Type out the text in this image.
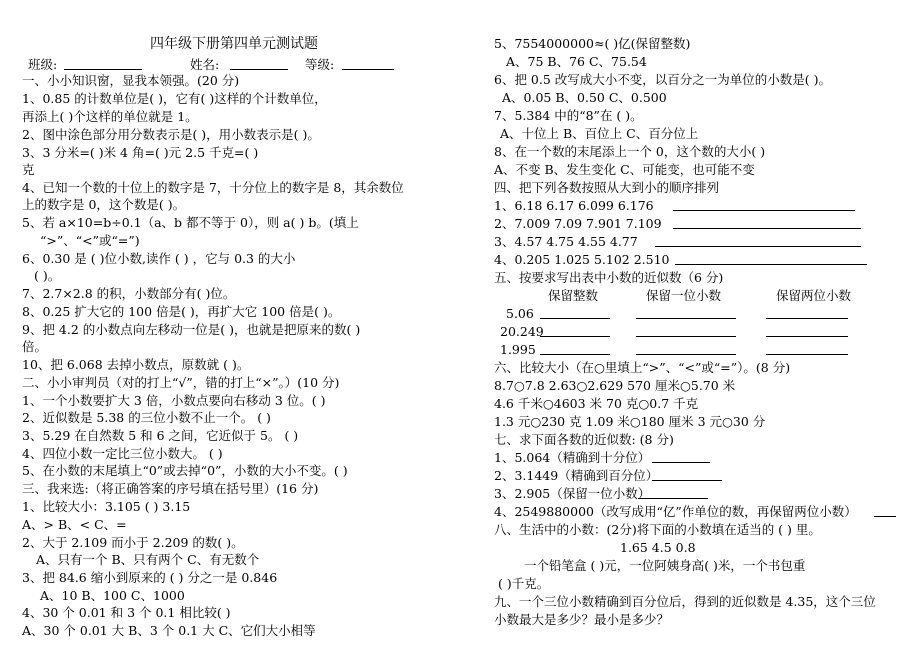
四年级下册第四单元测试题
班级:	姓名:	等级:
一、小小知识窗，显我本领强。(20 分)
1、0.85 的计数单位是( )，它有( )这样的个计数单位，
再添上( )个这样的单位就是 1。
2、图中涂色部分用分数表示是( )，用小数表示是( )。
3、3 分米=( )米 4 角=( )元 2.5 千克=( )
克
4、已知一个数的十位上的数字是 7，十分位上的数字是 8，其余数位
上的数字是 0，这个数是( )。
5、若 a×10=b÷0.1（a、b 都不等于 0），则 a( ) b。(填上
“>”、“<”或“=”)
6、0.30 是 ( )位小数,读作 ( ) ，它与 0.3 的大小
( )。
7、2.7×2.8 的积，小数部分有( )位。
8、0.25 扩大它的 100 倍是( )，再扩大它 100 倍是( )。
9、把 4.2 的小数点向左移动一位是( )，也就是把原来的数( )
倍。
10、把 6.068 去掉小数点，原数就 ( )。
二、小小审判员（对的打上“√”，错的打上“×”。）(10 分)
1、一个小数要扩大 3 倍，小数点要向右移动 3 位。( )
2、近似数是 5.38 的三位小数不止一个。 ( )
3、5.29 在自然数 5 和 6 之间，它近似于 5。 ( )
4、四位小数一定比三位小数大。 ( )
5、在小数的末尾填上“0”或去掉“0”，小数的大小不变。( )
三、我来选:（将正确答案的序号填在括号里）(16 分)
1、比较大小：3.105 ( ) 3.15
A、> B、< C、=
2、大于 2.109 而小于 2.209 的数( )。
A、只有一个 B、只有两个 C、有无数个
3、把 84.6 缩小到原来的 ( ) 分之一是 0.846
A、10 B、100 C、1000
4、30 个 0.01 和 3 个 0.1 相比较( )
A、30 个 0.01 大 B、3 个 0.1 大 C、它们大小相等
5、7554000000≈( )亿(保留整数)
A、75 B、76 C、75.54
6、把 0.5 改写成大小不变，以百分之一为单位的小数是( )。
A、0.05 B、0.50 C、0.500
7、5.384 中的“8”在 ( )。
A、十位上 B、百位上 C、百分位上
8、在一个数的末尾添上一个 0，这个数的大小( )
A、不变 B、发生变化 C、可能变，也可能不变
四、把下列各数按照从大到小的顺序排列
1、6.18 6.17 6.099 6.176
2、7.009 7.09 7.901 7.109
3、4.57 4.75 4.55 4.77
4、0.205 1.025 5.102 2.510
五、按要求写出表中小数的近似数（6 分)
保留整数	保留一位小数	保留两位小数
5.06
20.249
1.995
六、比较大小（在○里填上“>”、“<”或“=”）。(8 分)
8.7○7.8 2.63○2.629 570 厘米○5.70 米
4.6 千米○4603 米 70 克○0.7 千克
1.3 元○230 克 1.09 米○180 厘米 3 元○30 分
七、求下面各数的近似数: (8 分)
1、5.064（精确到十分位）
2、3.1449（精确到百分位）
3、2.905（保留一位小数）
4、2549880000（改写成用“亿”作单位的数，再保留两位小数）
八、生活中的小数：(2分)将下面的小数填在适当的 ( ) 里。
1.65 4.5 0.8
一个铅笔盒 ( )元，一位阿姨身高( )米，一个书包重
( )千克。
九、一个三位小数精确到百分位后，得到的近似数是 4.35，这个三位
小数最大是多少？最小是多少？
